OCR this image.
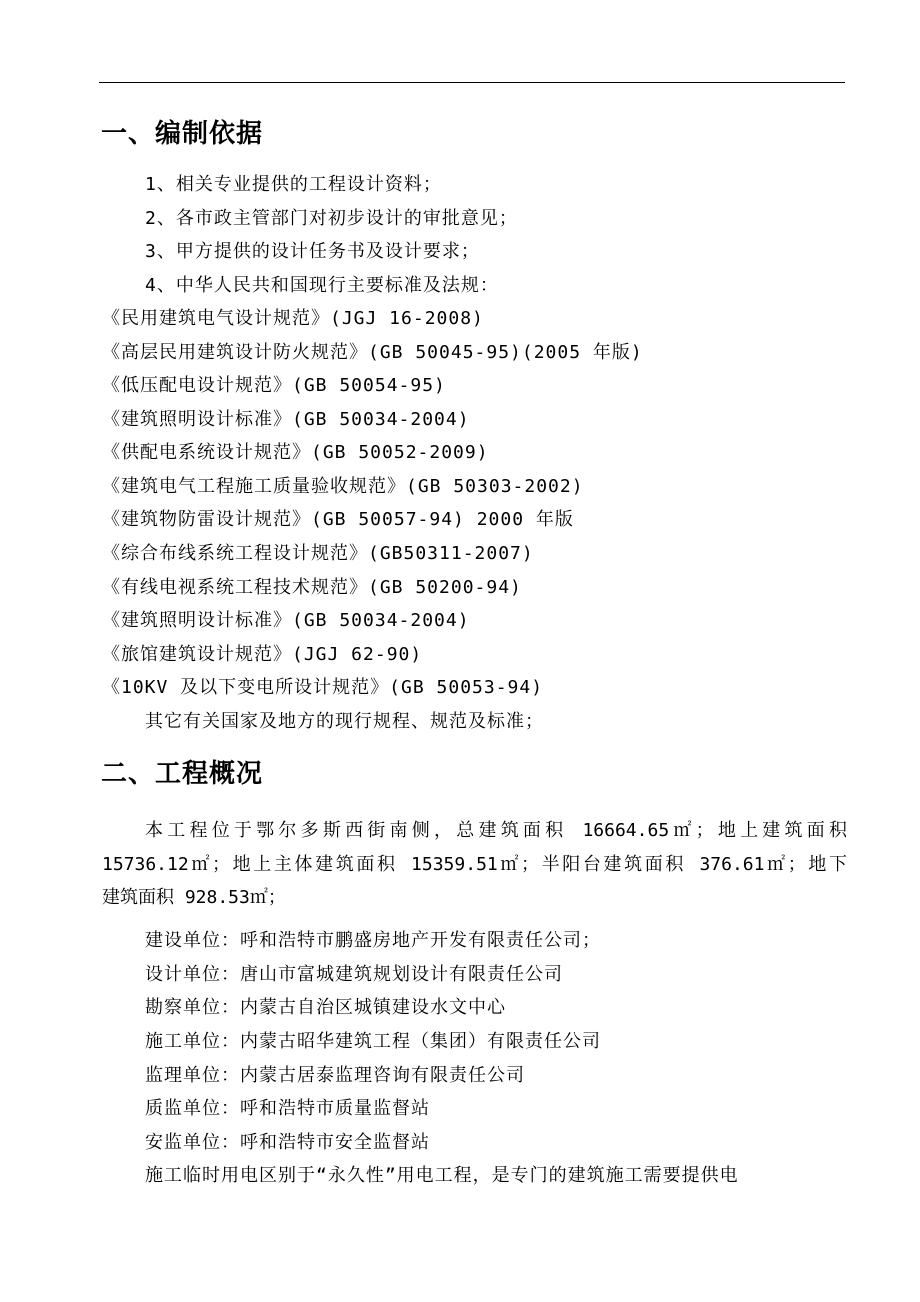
一、编制依据
1、相关专业提供的工程设计资料；
2、各市政主管部门对初步设计的审批意见；
3、甲方提供的设计任务书及设计要求；
4、中华人民共和国现行主要标准及法规：
《民用建筑电气设计规范》(JGJ 16-2008)
《高层民用建筑设计防火规范》(GB 50045-95)(2005 年版)
《低压配电设计规范》(GB 50054-95)
《建筑照明设计标准》(GB 50034-2004)
《供配电系统设计规范》(GB 50052-2009)
《建筑电气工程施工质量验收规范》(GB 50303-2002)
《建筑物防雷设计规范》(GB 50057-94) 2000 年版
《综合布线系统工程设计规范》(GB50311-2007)
《有线电视系统工程技术规范》(GB 50200-94)
《建筑照明设计标准》(GB 50034-2004)
《旅馆建筑设计规范》(JGJ 62-90)
《10KV 及以下变电所设计规范》(GB 50053-94)
其它有关国家及地方的现行规程、规范及标准；
二、工程概况
本工程位于鄂尔多斯西街南侧，总建筑面积 16664.65㎡；地上建筑面积
15736.12㎡；地上主体建筑面积 15359.51㎡；半阳台建筑面积 376.61㎡；地下
建筑面积 928.53㎡；
建设单位：呼和浩特市鹏盛房地产开发有限责任公司；
设计单位：唐山市富城建筑规划设计有限责任公司
勘察单位：内蒙古自治区城镇建设水文中心
施工单位：内蒙古昭华建筑工程（集团）有限责任公司
监理单位：内蒙古居泰监理咨询有限责任公司
质监单位：呼和浩特市质量监督站
安监单位：呼和浩特市安全监督站
施工临时用电区别于“永久性”用电工程，是专门的建筑施工需要提供电
